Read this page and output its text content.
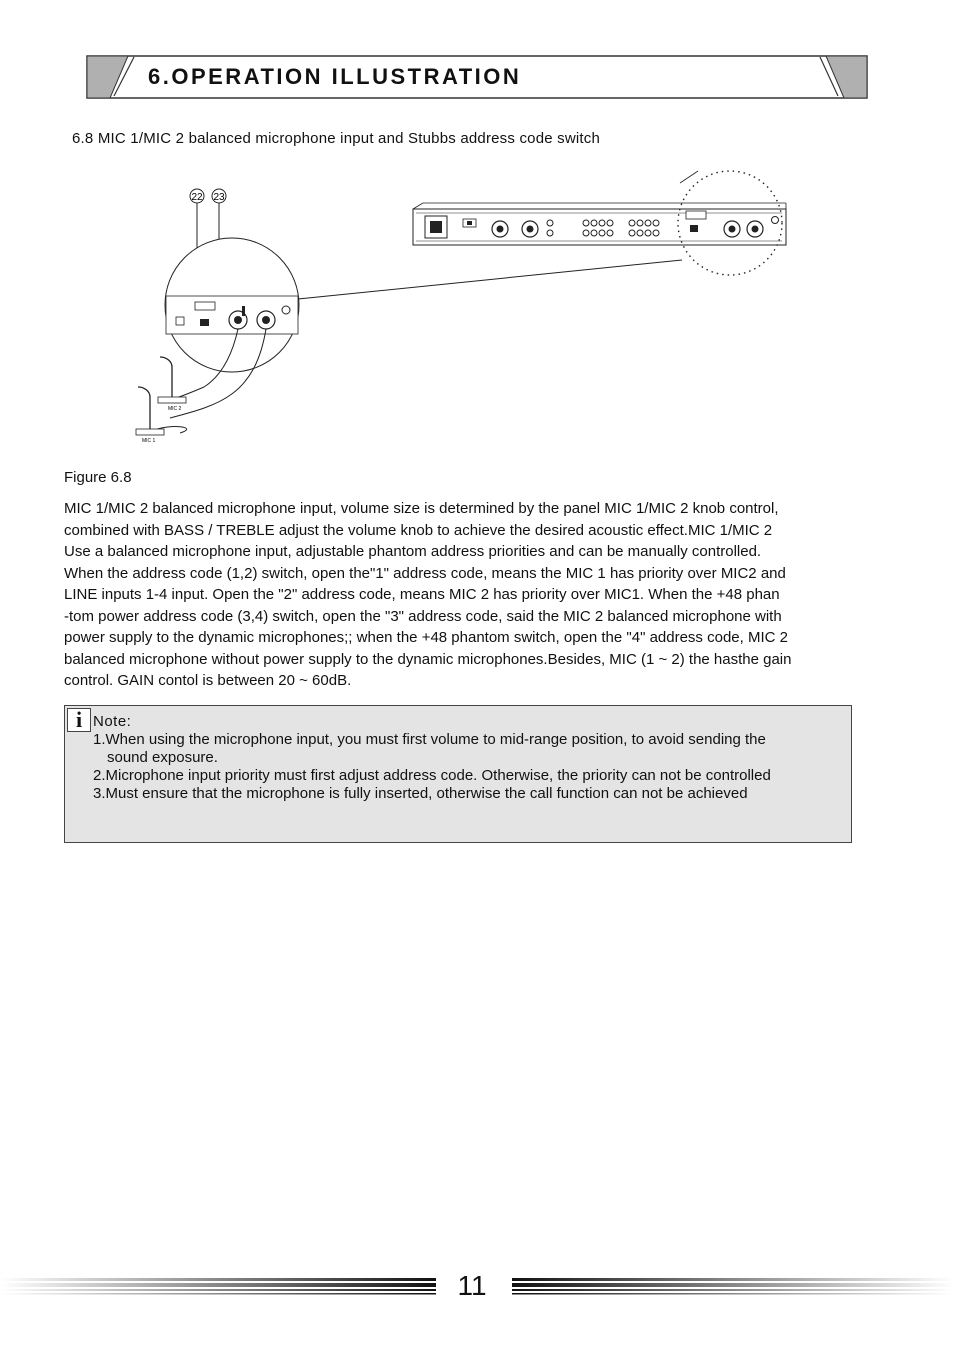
6.OPERATION ILLUSTRATION
6.8 MIC 1/MIC 2 balanced microphone input and Stubbs address code switch
22 23
MIC 2
MIC 1
Figure 6.8
MIC 1/MIC 2 balanced microphone input, volume size is determined by the panel MIC 1/MIC 2 knob control,
combined with BASS / TREBLE adjust the volume knob to achieve the desired acoustic effect.MIC 1/MIC 2
Use a balanced microphone input, adjustable phantom address priorities and can be manually controlled.
When the address code (1,2) switch, open the"1" address code, means the MIC 1 has priority over MIC2 and
LINE inputs 1-4 input. Open the "2" address code, means MIC 2 has priority over MIC1. When the +48 phan
-tom power address code (3,4) switch, open the "3" address code, said the MIC 2 balanced microphone with
power supply to the dynamic microphones;; when the +48 phantom switch, open the "4" address code, MIC 2
balanced microphone without power supply to the dynamic microphones.Besides, MIC (1 ~ 2) the hasthe gain
control. GAIN contol is between 20 ~ 60dB.
i Note:
1.When using the microphone input, you must first volume to mid-range position, to avoid sending the
sound exposure.
2.Microphone input priority must first adjust address code. Otherwise, the priority can not be controlled
3.Must ensure that the microphone is fully inserted, otherwise the call function can not be achieved
11
